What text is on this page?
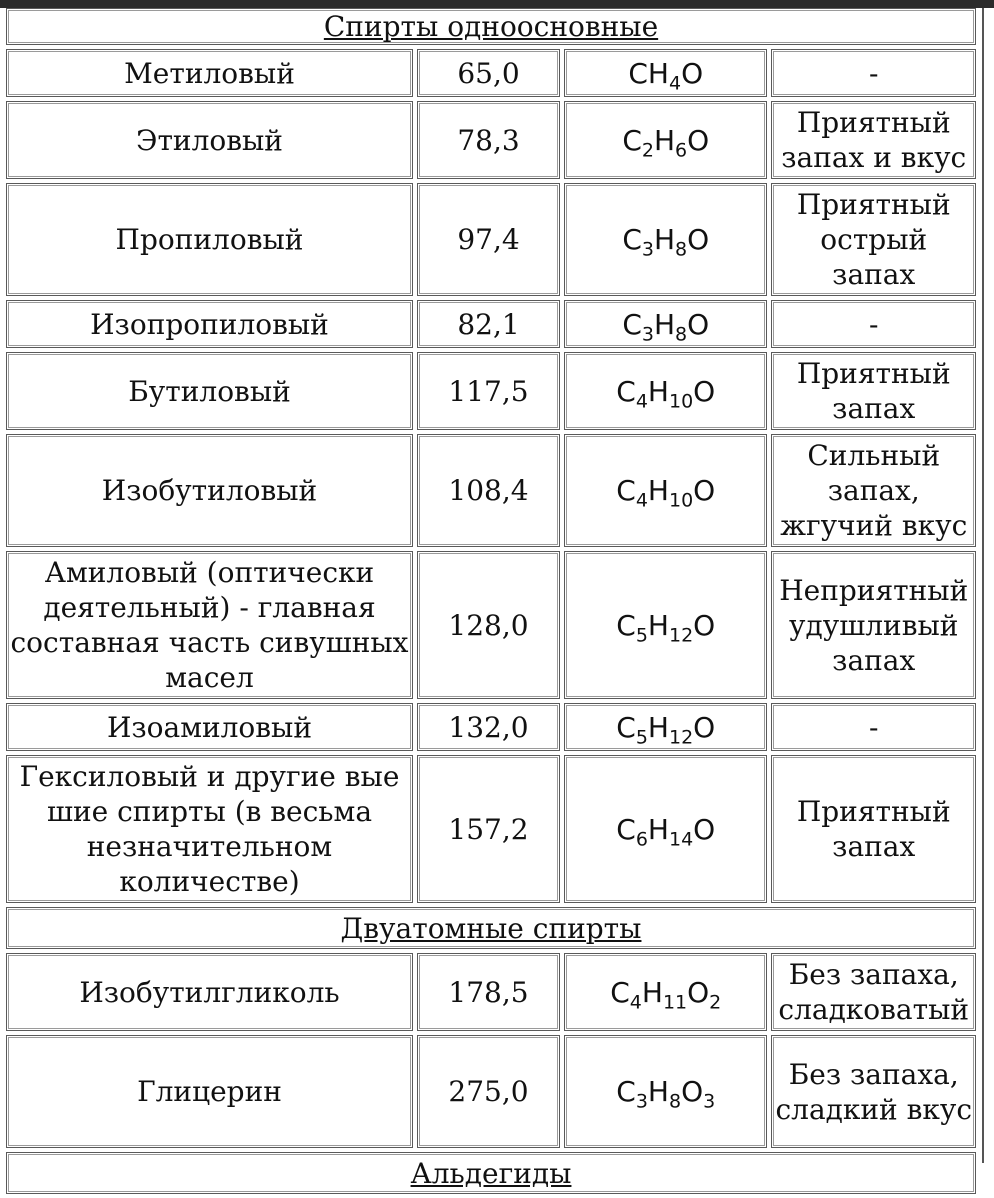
Спирты одноосновные			
Метиловый	65,0	$CH_4O$	-
Этиловый	78,3	$C_2H_6O$	Приятный запах и вкус
Пропиловый	97,4	$C_3H_8O$	Приятный острый запах
Изопропиловый	82,1	$C_3H_8O$	-
Бутиловый	117,5	$C_4H_{10}O$	Приятный запах
Изобутиловый	108,4	$C_4H_{10}O$	Сильный запах, жгучий вкус
Амиловый (оптически деятельный) - главная составная часть сивушных масел	128,0	$C_5H_{12}O$	Неприятный удушливый запах
Изоамиловый	132,0	$C_5H_{12}O$	-
Гексиловый и другие вые шие спирты (в весьма незначительном количестве)	157,2	$C_6H_{14}O$	Приятный запах
Двуатомные спирты			
Изобутилгликоль	178,5	$C_4H_{11}O_2$	Без запаха, сладковатый
Глицерин	275,0	$C_3H_8O_3$	Без запаха, сладкий вкус
Альдегиды			
